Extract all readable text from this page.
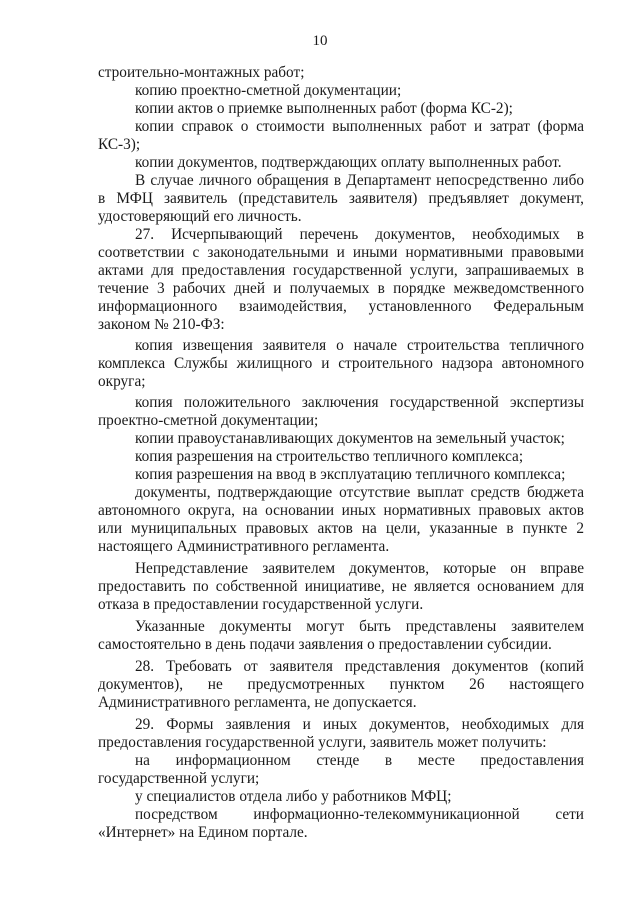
10

строительно-монтажных работ;

копию проектно-сметной документации;

копии актов о приемке выполненных работ (форма КС-2);

копии справок о стоимости выполненных работ и затрат (форма КС-3);

копии документов, подтверждающих оплату выполненных работ.

В случае личного обращения в Департамент непосредственно либо в МФЦ заявитель (представитель заявителя) предъявляет документ, удостоверяющий его личность.

27. Исчерпывающий перечень документов, необходимых в соответствии с законодательными и иными нормативными правовыми актами для предоставления государственной услуги, запрашиваемых в течение 3 рабочих дней и получаемых в порядке межведомственного информационного взаимодействия, установленного Федеральным законом № 210-ФЗ:

копия извещения заявителя о начале строительства тепличного комплекса Службы жилищного и строительного надзора автономного округа;

копия положительного заключения государственной экспертизы проектно-сметной документации;

копии правоустанавливающих документов на земельный участок;

копия разрешения на строительство тепличного комплекса;

копия разрешения на ввод в эксплуатацию тепличного комплекса;

документы, подтверждающие отсутствие выплат средств бюджета автономного округа, на основании иных нормативных правовых актов или муниципальных правовых актов на цели, указанные в пункте 2 настоящего Административного регламента.

Непредставление заявителем документов, которые он вправе предоставить по собственной инициативе, не является основанием для отказа в предоставлении государственной услуги.

Указанные документы могут быть представлены заявителем самостоятельно в день подачи заявления о предоставлении субсидии.

28. Требовать от заявителя представления документов (копий документов), не предусмотренных пунктом 26 настоящего Административного регламента, не допускается.

29. Формы заявления и иных документов, необходимых для предоставления государственной услуги, заявитель может получить:

на информационном стенде в месте предоставления государственной услуги;

у специалистов отдела либо у работников МФЦ;

посредством информационно-телекоммуникационной сети «Интернет» на Едином портале.
